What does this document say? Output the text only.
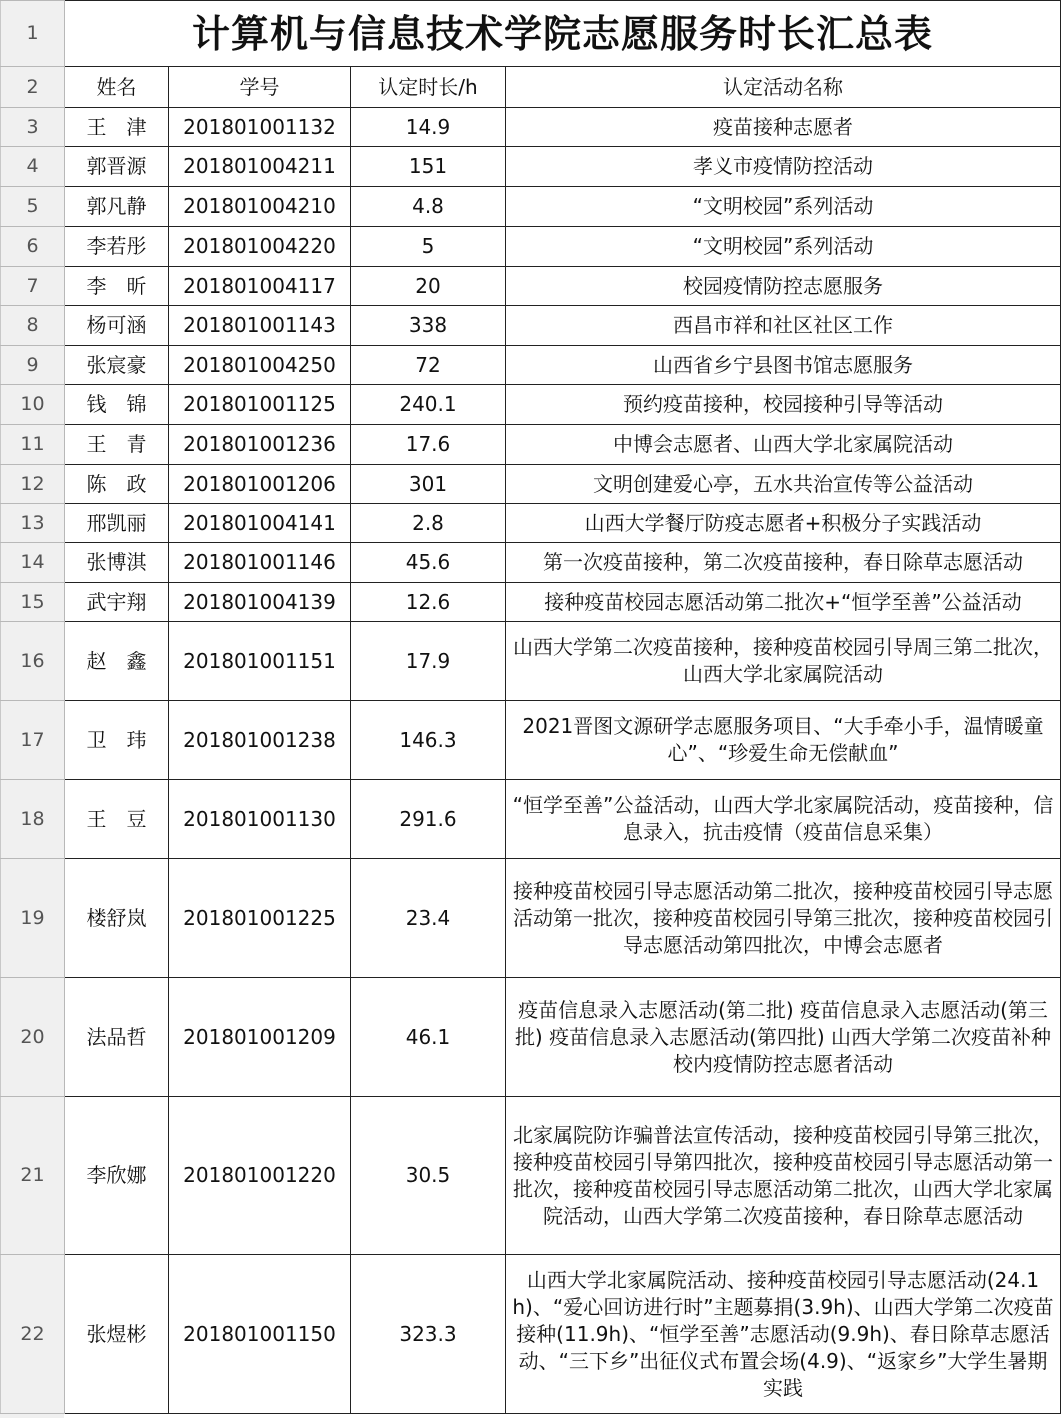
1	计算机与信息技术学院志愿服务时长汇总表			
2	姓名	学号	认定时长/h	认定活动名称
3	王　津	201801001132	14.9	疫苗接种志愿者
4	郭晋源	201801004211	151	孝义市疫情防控活动
5	郭凡静	201801004210	4.8	“文明校园”系列活动
6	李若彤	201801004220	5	“文明校园”系列活动
7	李　昕	201801004117	20	校园疫情防控志愿服务
8	杨可涵	201801001143	338	西昌市祥和社区社区工作
9	张宸豪	201801004250	72	山西省乡宁县图书馆志愿服务
10	钱　锦	201801001125	240.1	预约疫苗接种，校园接种引导等活动
11	王　青	201801001236	17.6	中博会志愿者、山西大学北家属院活动
12	陈　政	201801001206	301	文明创建爱心亭，五水共治宣传等公益活动
13	邢凯丽	201801004141	2.8	山西大学餐厅防疫志愿者+积极分子实践活动
14	张博淇	201801001146	45.6	第一次疫苗接种，第二次疫苗接种，春日除草志愿活动
15	武宇翔	201801004139	12.6	接种疫苗校园志愿活动第二批次+“恒学至善”公益活动
16	赵　鑫	201801001151	17.9	山西大学第二次疫苗接种，接种疫苗校园引导周三第二批次，山西大学北家属院活动
17	卫　玮	201801001238	146.3	2021晋图文源研学志愿服务项目、“大手牵小手，温情暖童心”、“珍爱生命无偿献血”
18	王　豆	201801001130	291.6	“恒学至善”公益活动，山西大学北家属院活动，疫苗接种，信息录入，抗击疫情（疫苗信息采集）
19	楼舒岚	201801001225	23.4	接种疫苗校园引导志愿活动第二批次，接种疫苗校园引导志愿活动第一批次，接种疫苗校园引导第三批次，接种疫苗校园引导志愿活动第四批次，中博会志愿者
20	法品哲	201801001209	46.1	疫苗信息录入志愿活动(第二批) 疫苗信息录入志愿活动(第三批) 疫苗信息录入志愿活动(第四批) 山西大学第二次疫苗补种 校内疫情防控志愿者活动
21	李欣娜	201801001220	30.5	北家属院防诈骗普法宣传活动，接种疫苗校园引导第三批次，接种疫苗校园引导第四批次，接种疫苗校园引导志愿活动第一批次，接种疫苗校园引导志愿活动第二批次，山西大学北家属院活动，山西大学第二次疫苗接种，春日除草志愿活动
22	张煜彬	201801001150	323.3	山西大学北家属院活动、接种疫苗校园引导志愿活动(24.1h)、“爱心回访进行时”主题募捐(3.9h)、山西大学第二次疫苗接种(11.9h)、“恒学至善”志愿活动(9.9h)、春日除草志愿活动、“三下乡”出征仪式布置会场(4.9)、“返家乡”大学生暑期实践
